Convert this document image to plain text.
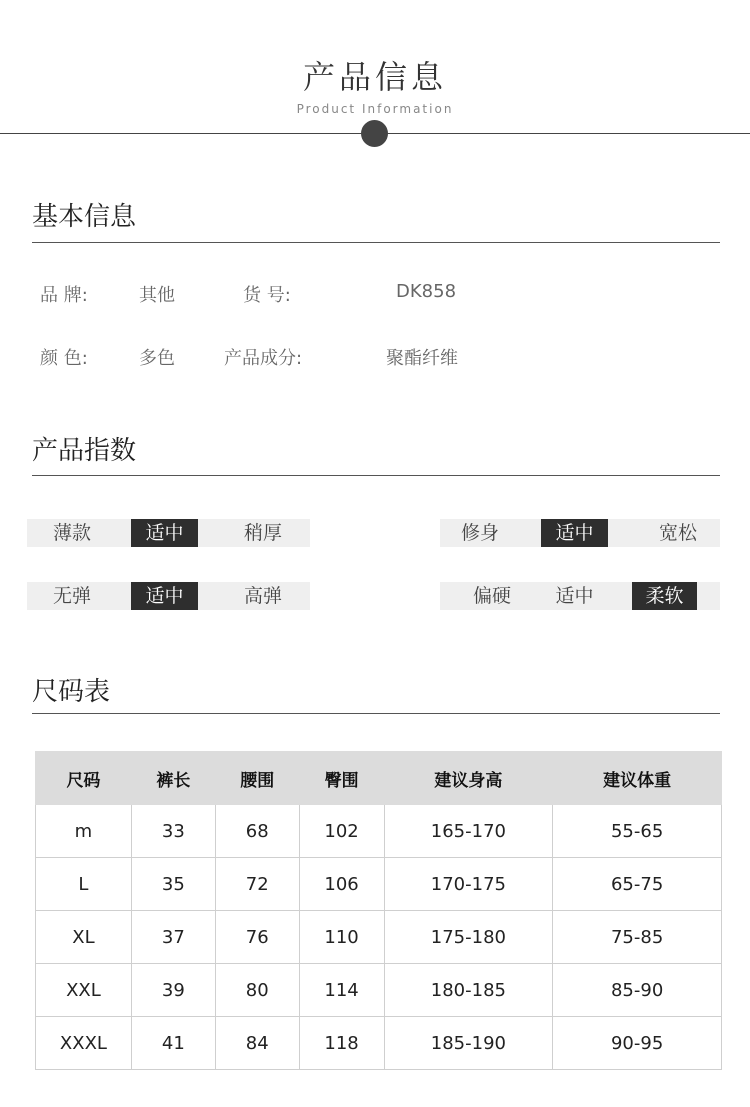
产品信息
Product Information
基本信息
品 牌:	其他	货 号:	DK858
颜 色:	多色	产品成分:	聚酯纤维
产品指数
薄款	适中	稍厚	修身	适中	宽松
无弹	适中	高弹	偏硬	适中	柔软
尺码表
尺码	裤长	腰围	臀围	建议身高	建议体重
m	33	68	102	165-170	55-65
L	35	72	106	170-175	65-75
XL	37	76	110	175-180	75-85
XXL	39	80	114	180-185	85-90
XXXL	41	84	118	185-190	90-95
